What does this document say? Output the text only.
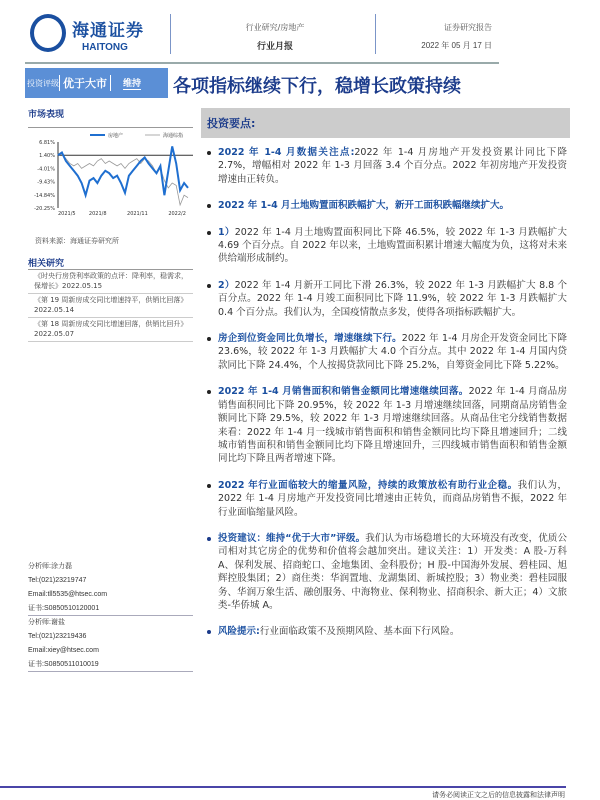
海通证券
HAITONG
行业研究/房地产
行业月报
证券研究报告
2022 年 05 月 17 日
投资评级 优于大市 维持 各项指标继续下行，稳增长政策持续
市场表现
6.81%
1.40%
-4.01%
-9.43%
-14.84%
-20.25%
2021/5	2021/8	2021/11	2022/2
房地产	海通综指
资料来源：海通证券研究所
相关研究
《时央行房贷利率政策的点评：降利率，稳需求，保增长》2022.05.15
《第 19 周新房成交同比增速持平，供销比回落》2022.05.14
《第 18 周新房成交同比增速回落，供销比回升》2022.05.07
分析师:涂力磊
Tel:(021)23219747
Email:tll5535@htsec.com
证书:S0850510120001
分析师:谢盐
Tel:(021)23219436
Email:xiey@htsec.com
证书:S0850511010019
投资要点:
2022 年 1-4 月数据关注点:2022 年 1-4 月房地产开发投资累计同比下降 2.7%，增幅相对 2022 年 1-3 月回落 3.4 个百分点。2022 年初房地产开发投资增速由正转负。
2022 年 1-4 月土地购置面积跌幅扩大，新开工面积跌幅继续扩大。
1）2022 年 1-4 月土地购置面积同比下降 46.5%，较 2022 年 1-3 月跌幅扩大 4.69 个百分点。自 2022 年以来，土地购置面积累计增速大幅度为负，这将对未来供给端形成制约。
2）2022 年 1-4 月新开工同比下滑 26.3%，较 2022 年 1-3 月跌幅扩大 8.8 个百分点。2022 年 1-4 月竣工面积同比下降 11.9%，较 2022 年 1-3 月跌幅扩大 0.4 个百分点。我们认为，全国疫情散点多发，使得各项指标跌幅扩大。
房企到位资金同比负增长，增速继续下行。2022 年 1-4 月房企开发资金同比下降 23.6%，较 2022 年 1-3 月跌幅扩大 4.0 个百分点。其中 2022 年 1-4 月国内贷款同比下降 24.4%，个人按揭贷款同比下降 25.2%，自筹资金同比下降 5.22%。
2022 年 1-4 月销售面积和销售金额同比增速继续回落。2022 年 1-4 月商品房销售面积同比下降 20.95%，较 2022 年 1-3 月增速继续回落，同期商品房销售金额同比下降 29.5%，较 2022 年 1-3 月增速继续回落。从商品住宅分线销售数据来看：2022 年 1-4 月一线城市销售面积和销售金额同比均下降且增速回升；二线城市销售面积和销售金额同比均下降且增速回升，三四线城市销售面积和销售金额同比均下降且两者增速下降。
2022 年行业面临较大的缩量风险，持续的政策放松有助行业企稳。我们认为，2022 年 1-4 月房地产开发投资同比增速由正转负，而商品房销售不振，2022 年行业面临缩量风险。
投资建议：维持“优于大市”评级。我们认为市场稳增长的大环境没有改变，优质公司相对其它房企的优势和价值将会越加突出。建议关注：1）开发类：A 股-万科 A、保利发展、招商蛇口、金地集团、金科股份；H 股-中国海外发展、碧桂园、旭辉控股集团；2）商住类：华润置地、龙湖集团、新城控股；3）物业类：碧桂园服务、华润万象生活、融创服务、中海物业、保利物业、招商积余、新大正；4）文旅类-华侨城 A。
风险提示:行业面临政策不及预期风险、基本面下行风险。
请务必阅读正文之后的信息披露和法律声明
